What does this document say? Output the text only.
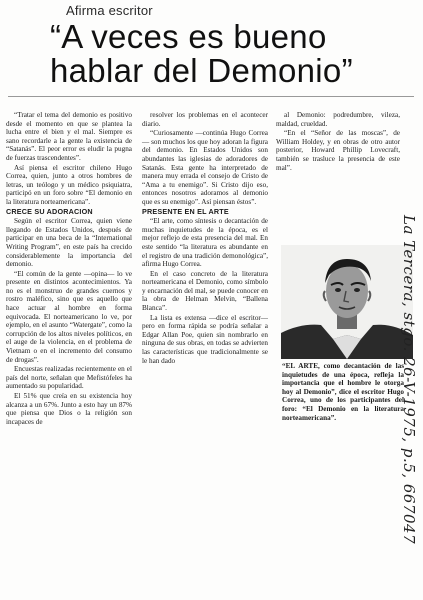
Afirma escritor
“A veces es bueno
hablar del Demonio”

“Tratar el tema del demonio es positivo desde el momento en que se plantea la lucha entre el bien y el mal. Siempre es sano recordarle a la gente la existencia de “Satanás”. El peor error es eludir la pugna de fuerzas trascendentes”.

Así piensa el escritor chileno Hugo Correa, quien, junto a otros hombres de letras, un teólogo y un médico psiquiatra, participó en un foro sobre “El demonio en la literatura norteamericana”.

CRECE SU ADORACION

Según el escritor Correa, quien viene llegando de Estados Unidos, después de participar en una beca de la “International Writing Program”, en este país ha crecido considerablemente la importancia del demonio.

“El común de la gente —opina— lo ve presente en distintos acontecimientos. Ya no es el monstruo de grandes cuernos y rostro maléfico, sino que es aquello que hace actuar al hombre en forma equivocada. El norteamericano lo ve, por ejemplo, en el asunto “Watergate”, como la corrupción de los altos niveles políticos, en el auge de la violencia, en el problema de Vietnam o en el incremento del consumo de drogas”.

Encuestas realizadas recientemente en el país del norte, señalan que Mefistófeles ha aumentado su popularidad.

El 51% que creía en su existencia hoy alcanza a un 67%. Junto a esto hay un 87% que piensa que Dios o la religión son incapaces de

resolver los problemas en el acontecer diario.

“Curiosamente —continúa Hugo Correa— son muchos los que hoy adoran la figura del demonio. En Estados Unidos son abundantes las iglesias de adoradores de Satanás. Esta gente ha interpretado de manera muy errada el consejo de Cristo de “Ama a tu enemigo”. Si Cristo dijo eso, entonces nosotros adoramos al demonio que es su enemigo”. Así piensan éstos”.

PRESENTE EN EL ARTE

“El arte, como síntesis o decantación de muchas inquietudes de la época, es el mejor reflejo de esta presencia del mal. En este sentido “la literatura es abundante en el registro de una tradición demonológica”, afirma Hugo Correa.

En el caso concreto de la literatura norteamericana el Demonio, como símbolo y encarnación del mal, se puede conocer en la obra de Helman Melvin, “Ballena Blanca”.

La lista es extensa —dice el escritor— pero en forma rápida se podría señalar a Edgar Allan Poe, quien sin nombrarlo en ninguna de sus obras, en todas se advierten las características que tradicionalmente se le han dado

al Demonio: podredumbre, vileza, maldad, crueldad.

“En el “Señor de las moscas”, de William Holdey, y en obras de otro autor posterior, Howard Phillip Lovecraft, también se trasluce la presencia de este mal”.

“EL ARTE, como decantación de las inquietudes de una época, refleja la importancia que el hombre le otorga hoy al Demonio”, dice el escritor Hugo Correa, uno de los participantes del foro: “El Demonio en la literatura norteamericana”.	La Tercera, stgo. 26-V-1975, p.5, 667047
